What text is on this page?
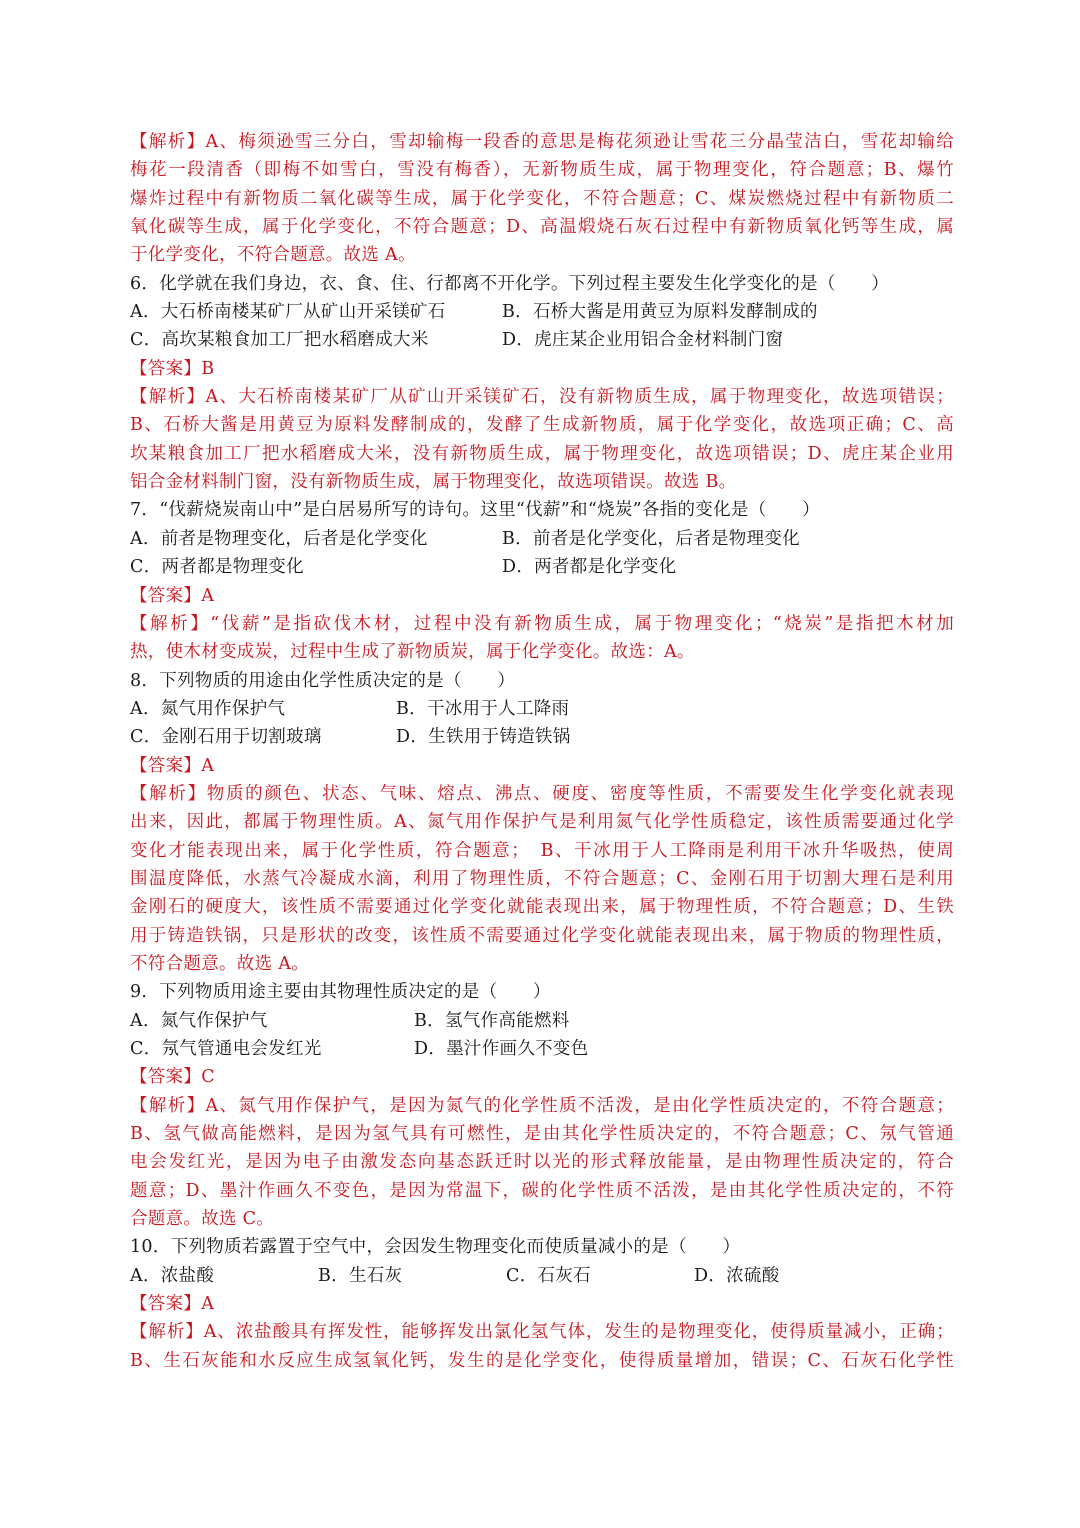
【解析】A、梅须逊雪三分白，雪却输梅一段香的意思是梅花须逊让雪花三分晶莹洁白，雪花却输给
梅花一段清香（即梅不如雪白，雪没有梅香），无新物质生成，属于物理变化，符合题意；B、爆竹
爆炸过程中有新物质二氧化碳等生成，属于化学变化，不符合题意；C、煤炭燃烧过程中有新物质二
氧化碳等生成，属于化学变化，不符合题意；D、高温煅烧石灰石过程中有新物质氧化钙等生成，属
于化学变化，不符合题意。故选 A。
6．化学就在我们身边，衣、食、住、行都离不开化学。下列过程主要发生化学变化的是（　　）
A．大石桥南楼某矿厂从矿山开采镁矿石	B．石桥大酱是用黄豆为原料发酵制成的
C．高坎某粮食加工厂把水稻磨成大米	D．虎庄某企业用铝合金材料制门窗
【答案】B
【解析】A、大石桥南楼某矿厂从矿山开采镁矿石，没有新物质生成，属于物理变化，故选项错误；
B、石桥大酱是用黄豆为原料发酵制成的，发酵了生成新物质，属于化学变化，故选项正确；C、高
坎某粮食加工厂把水稻磨成大米，没有新物质生成，属于物理变化，故选项错误；D、虎庄某企业用
铝合金材料制门窗，没有新物质生成，属于物理变化，故选项错误。故选 B。
7．“伐薪烧炭南山中”是白居易所写的诗句。这里“伐薪”和“烧炭”各指的变化是（　　）
A．前者是物理变化，后者是化学变化	B．前者是化学变化，后者是物理变化
C．两者都是物理变化	D．两者都是化学变化
【答案】A
【解析】“伐薪”是指砍伐木材，过程中没有新物质生成，属于物理变化；“烧炭”是指把木材加
热，使木材变成炭，过程中生成了新物质炭，属于化学变化。故选：A。
8．下列物质的用途由化学性质决定的是（　　）
A．氮气用作保护气	B．干冰用于人工降雨
C．金刚石用于切割玻璃	D．生铁用于铸造铁锅
【答案】A
【解析】物质的颜色、状态、气味、熔点、沸点、硬度、密度等性质，不需要发生化学变化就表现
出来，因此，都属于物理性质。A、氮气用作保护气是利用氮气化学性质稳定，该性质需要通过化学
变化才能表现出来，属于化学性质，符合题意；　B、干冰用于人工降雨是利用干冰升华吸热，使周
围温度降低，水蒸气冷凝成水滴，利用了物理性质，不符合题意；C、金刚石用于切割大理石是利用
金刚石的硬度大，该性质不需要通过化学变化就能表现出来，属于物理性质，不符合题意；D、生铁
用于铸造铁锅，只是形状的改变，该性质不需要通过化学变化就能表现出来，属于物质的物理性质，
不符合题意。故选 A。
9．下列物质用途主要由其物理性质决定的是（　　）
A．氮气作保护气	B．氢气作高能燃料
C．氖气管通电会发红光	D．墨汁作画久不变色
【答案】C
【解析】A、氮气用作保护气，是因为氮气的化学性质不活泼，是由化学性质决定的，不符合题意；
B、氢气做高能燃料，是因为氢气具有可燃性，是由其化学性质决定的，不符合题意；C、氖气管通
电会发红光，是因为电子由激发态向基态跃迁时以光的形式释放能量，是由物理性质决定的，符合
题意；D、墨汁作画久不变色，是因为常温下，碳的化学性质不活泼，是由其化学性质决定的，不符
合题意。故选 C。
10．下列物质若露置于空气中，会因发生物理变化而使质量减小的是（　　）
A．浓盐酸	B．生石灰	C．石灰石	D．浓硫酸
【答案】A
【解析】A、浓盐酸具有挥发性，能够挥发出氯化氢气体，发生的是物理变化，使得质量减小，正确；
B、生石灰能和水反应生成氢氧化钙，发生的是化学变化，使得质量增加，错误；C、石灰石化学性
